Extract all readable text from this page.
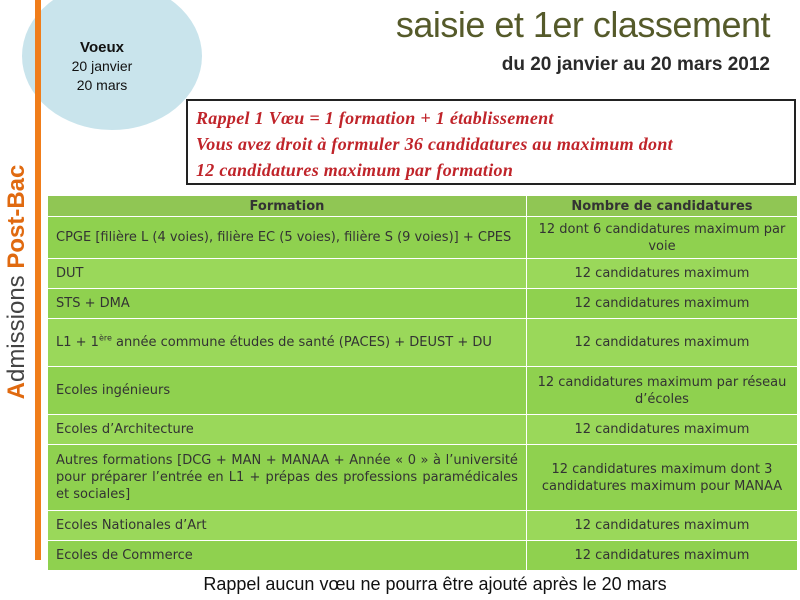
Voeux
20 janvier
20 mars
Admissions Post-Bac
saisie et 1er classement
du 20 janvier au 20 mars 2012
Rappel 1 Vœu = 1 formation + 1 établissement
Vous avez droit à formuler 36 candidatures au maximum dont
12 candidatures maximum par formation
Formation	Nombre de candidatures
CPGE [filière L (4 voies), filière EC (5 voies), filière S (9 voies)] + CPES	12 dont 6 candidatures maximum par voie
DUT	12 candidatures maximum
STS + DMA	12 candidatures maximum
L1 + 1ère année commune études de santé (PACES) + DEUST + DU	12 candidatures maximum
Ecoles ingénieurs	12 candidatures maximum par réseau d’écoles
Ecoles d’Architecture	12 candidatures maximum
Autres formations [DCG + MAN + MANAA + Année « 0 » à l’université pour préparer l’entrée en L1 + prépas des professions paramédicales et sociales]	12 candidatures maximum dont 3 candidatures maximum pour MANAA
Ecoles Nationales d’Art	12 candidatures maximum
Ecoles de Commerce	12 candidatures maximum
Rappel aucun vœu ne pourra être ajouté après le 20 mars
